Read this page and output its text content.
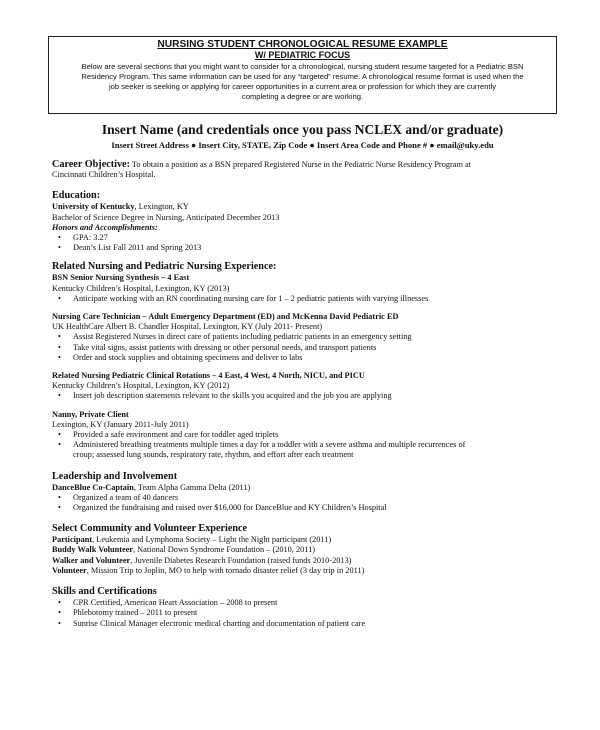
NURSING STUDENT CHRONOLOGICAL RESUME EXAMPLE
W/ PEDIATRIC FOCUS
Below are several sections that you might want to consider for a chronological, nursing student resume targeted for a Pediatric BSN
Residency Program. This same information can be used for any “targeted” resume. A chronological resume format is used when the
job seeker is seeking or applying for career opportunities in a current area or profession for which they are currently
completing a degree or are working.
Insert Name (and credentials once you pass NCLEX and/or graduate)
Insert Street Address ● Insert City, STATE, Zip Code ● Insert Area Code and Phone # ● email@uky.edu
Career Objective: To obtain a position as a BSN prepared Registered Nurse in the Pediatric Nurse Residency Program at
Cincinnati Children’s Hospital.
Education:
University of Kentucky, Lexington, KY
Bachelor of Science Degree in Nursing, Anticipated December 2013
Honors and Accomplishments:
• GPA: 3.27
• Dean’s List Fall 2011 and Spring 2013
Related Nursing and Pediatric Nursing Experience:
BSN Senior Nursing Synthesis – 4 East
Kentucky Children’s Hospital, Lexington, KY (2013)
• Anticipate working with an RN coordinating nursing care for 1 – 2 pediatric patients with varying illnesses
Nursing Care Technician – Adult Emergency Department (ED) and McKenna David Pediatric ED
UK HealthCare Albert B. Chandler Hospital, Lexington, KY (July 2011- Present)
• Assist Registered Nurses in direct care of patients including pediatric patients in an emergency setting
• Take vital signs, assist patients with dressing or other personal needs, and transport patients
• Order and stock supplies and obtaining specimens and deliver to labs
Related Nursing Pediatric Clinical Rotations – 4 East, 4 West, 4 North, NICU, and PICU
Kentucky Children’s Hospital, Lexington, KY (2012)
• Insert job description statements relevant to the skills you acquired and the job you are applying
Nanny, Private Client
Lexington, KY (January 2011-July 2011)
• Provided a safe environment and care for toddler aged triplets
• Administered breathing treatments multiple times a day for a toddler with a severe asthma and multiple recurrences of
croup; assessed lung sounds, respiratory rate, rhythm, and effort after each treatment
Leadership and Involvement
DanceBlue Co-Captain, Team Alpha Gamma Delta (2011)
• Organized a team of 40 dancers
• Organized the fundraising and raised over $16,000 for DanceBlue and KY Children’s Hospital
Select Community and Volunteer Experience
Participant, Leukemia and Lymphoma Society – Light the Night participant (2011)
Buddy Walk Volunteer, National Down Syndrome Foundation – (2010, 2011)
Walker and Volunteer, Juvenile Diabetes Research Foundation (raised funds 2010-2013)
Volunteer, Mission Trip to Joplin, MO to help with tornado disaster relief (3 day trip in 2011)
Skills and Certifications
• CPR Certified, American Heart Association – 2008 to present
• Phlebotomy trained – 2011 to present
• Sunrise Clinical Manager electronic medical charting and documentation of patient care
